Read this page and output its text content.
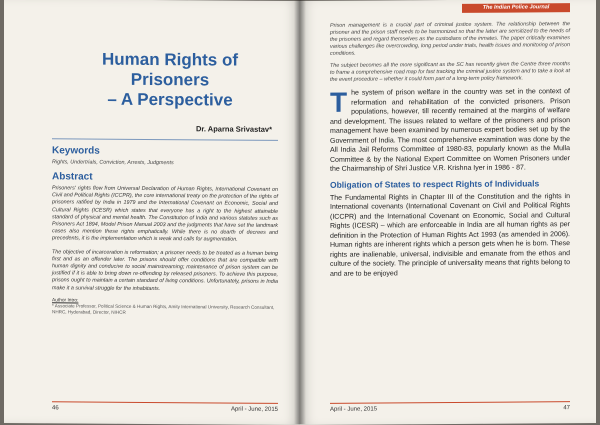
Human Rights of Prisoners
– A Perspective
Dr. Aparna Srivastav*
Keywords
Rights, Undertrials, Conviction, Arrests, Judgments
Abstract

Prisoners' rights flow from Universal Declaration of Human Rights, International Covenant on Civil and Political Rights (ICCPR), the core international treaty on the protection of the rights of prisoners ratified by India in 1979 and the International Covenant on Economic, Social and Cultural Rights (ICESR) which states that everyone has a right to the highest attainable standard of physical and mental health. The Constitution of India and various statutes such as Prisoners Act 1894, Model Prison Manual 2003 and the judgments that have set the landmark cases also mention these rights emphatically. While there is no dearth of decrees and precedents, it is the implementation which is weak and calls for augmentation.

The objective of incarceration is reformation; a prisoner needs to be treated as a human being first and as an offender later. The prisons should offer conditions that are compatible with human dignity and conducive to social mainstreaming; maintenance of prison system can be justified if it is able to bring down re-offending by released prisoners. To achieve this purpose, prisons ought to maintain a certain standard of living conditions. Unfortunately, prisons in India make it a survival struggle for the inhabitants.

Author Intro:
* Associate Professor, Political Science & Human Rights, Amity International University, Research Consultant, NHRC, Hyderabad, Director, NIHCR
46	April - June, 2015
The Indian Police Journal

Prison management is a crucial part of criminal justice system. The relationship between the prisoner and the prison staff needs to be harmonized so that the latter are sensitized to the needs of the prisoners and regard themselves as the custodians of the inmates. The paper critically examines various challenges like overcrowding, long period under trials, health issues and monitoring of prison conditions.

The subject becomes all the more significant as the SC has recently given the Centre three months to frame a comprehensive road map for fast tracking the criminal justice system and to take a look at the event procedure – whether it could form part of a long-term policy framework.

The system of prison welfare in the country was set in the context of reformation and rehabilitation of the convicted prisoners. Prison populations, however, till recently remained at the margins of welfare and development. The issues related to welfare of the prisoners and prison management have been examined by numerous expert bodies set up by the Government of India. The most comprehensive examination was done by the All India Jail Reforms Committee of 1980-83, popularly known as the Mulla Committee & by the National Expert Committee on Women Prisoners under the Chairmanship of Shri Justice V.R. Krishna Iyer in 1986 - 87.

Obligation of States to respect Rights of Individuals

The Fundamental Rights in Chapter III of the Constitution and the rights in International covenants (International Covenant on Civil and Political Rights (ICCPR) and the International Covenant on Economic, Social and Cultural Rights (ICESR) – which are enforceable in India are all human rights as per definition in the Protection of Human Rights Act 1993 (as amended in 2006). Human rights are inherent rights which a person gets when he is born. These rights are inalienable, universal, indivisible and emanate from the ethos and culture of the society. The principle of universality means that rights belong to and are to be enjoyed

April - June, 2015	47
